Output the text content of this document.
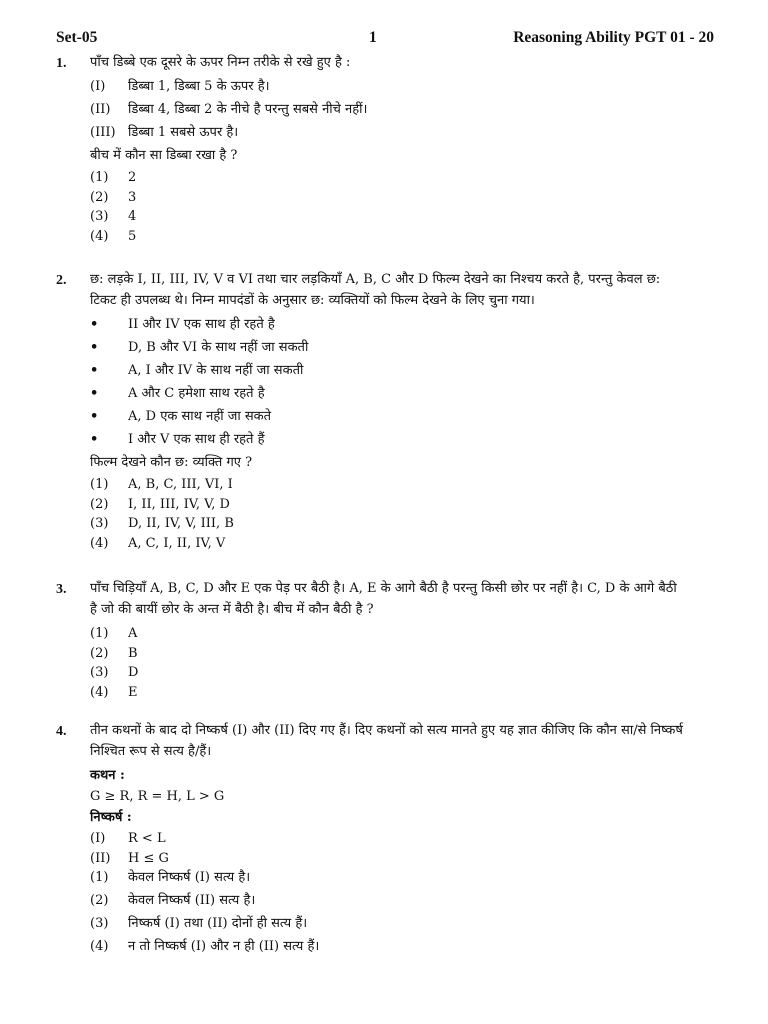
Set-05	1	Reasoning Ability PGT 01 - 20
1. पाँच डिब्बे एक दूसरे के ऊपर निम्न तरीके से रखे हुए है :

(I)	डिब्बा 1, डिब्बा 5 के ऊपर है।
(II)	डिब्बा 4, डिब्बा 2 के नीचे है परन्तु सबसे नीचे नहीं।
(III) डिब्बा 1 सबसे ऊपर है।

बीच में कौन सा डिब्बा रखा है ?

(1)	2
(2)	3
(3)	4
(4)	5
2. छ: लड़के I, II, III, IV, V व VI तथा चार लड़कियाँ A, B, C और D फिल्म देखने का निश्चय करते है, परन्तु केवल छ:

टिकट ही उपलब्ध थे। निम्न मापदंडों के अनुसार छ: व्यक्तियों को फिल्म देखने के लिए चुना गया।

•	II और IV एक साथ ही रहते है
•	D, B और VI के साथ नहीं जा सकती
•	A, I और IV के साथ नहीं जा सकती
•	A और C हमेशा साथ रहते है
•	A, D एक साथ नहीं जा सकते
•	I और V एक साथ ही रहते हैं

फिल्म देखने कौन छ: व्यक्ति गए ?

(1)	A, B, C, III, VI, I
(2)	I, II, III, IV, V, D
(3)	D, II, IV, V, III, B
(4)	A, C, I, II, IV, V
3. पाँच चिड़ियाँ A, B, C, D और E एक पेड़ पर बैठी है। A, E के आगे बैठी है परन्तु किसी छोर पर नहीं है। C, D के आगे बैठी

है जो की बायीं छोर के अन्त में बैठी है। बीच में कौन बैठी है ?

(1)	A
(2)	B
(3)	D
(4)	E
4. तीन कथनों के बाद दो निष्कर्ष (I) और (II) दिए गए हैं। दिए कथनों को सत्य मानते हुए यह ज्ञात कीजिए कि कौन सा/से निष्कर्ष

निश्चित रूप से सत्य है/हैं।

कथन :

G ≥ R, R = H, L > G

निष्कर्ष :

(I)	R < L
(II)	H ≤ G
(1)	केवल निष्कर्ष (I) सत्य है।
(2)	केवल निष्कर्ष (II) सत्य है।
(3)	निष्कर्ष (I) तथा (II) दोनों ही सत्य हैं।
(4)	न तो निष्कर्ष (I) और न ही (II) सत्य हैं।
